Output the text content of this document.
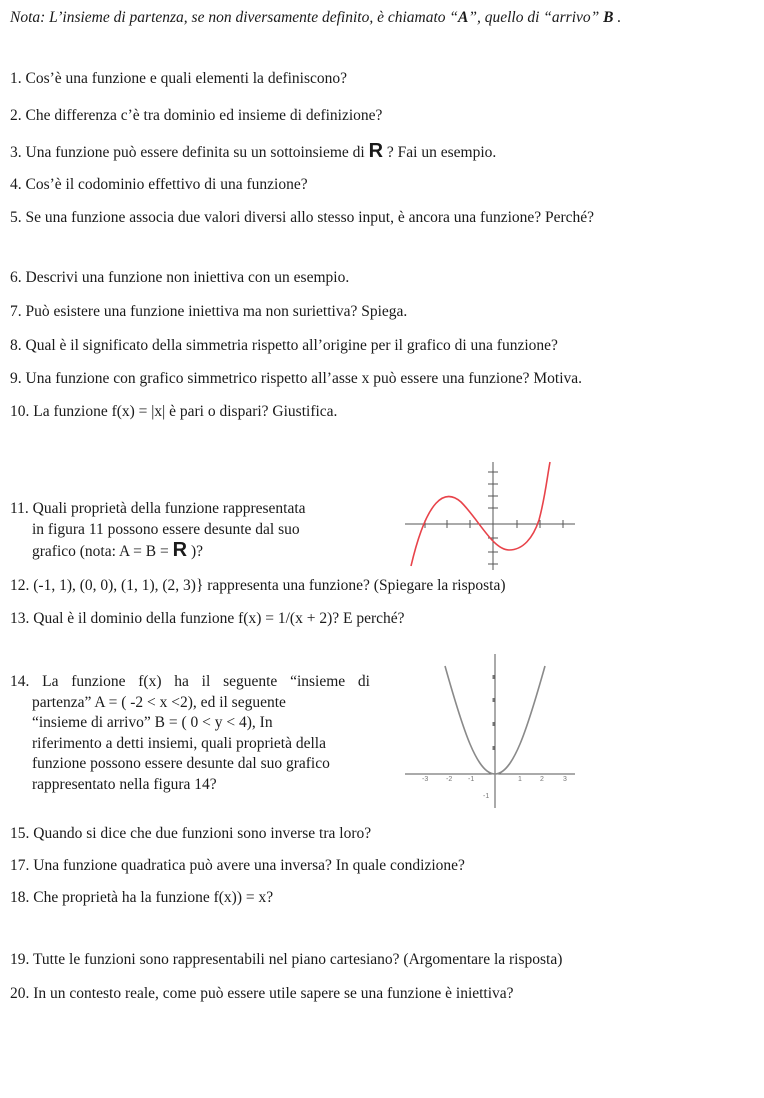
Nota: L’insieme di partenza, se non diversamente definito, è chiamato “A”, quello di “arrivo” B .
1. Cos’è una funzione e quali elementi la definiscono?
2. Che differenza c’è tra dominio ed insieme di definizione?
3. Una funzione può essere definita su un sottoinsieme di R ? Fai un esempio.
4. Cos’è il codominio effettivo di una funzione?
5. Se una funzione associa due valori diversi allo stesso input, è ancora una funzione? Perché?
6. Descrivi una funzione non iniettiva con un esempio.
7. Può esistere una funzione iniettiva ma non suriettiva? Spiega.
8. Qual è il significato della simmetria rispetto all’origine per il grafico di una funzione?
9. Una funzione con grafico simmetrico rispetto all’asse x può essere una funzione? Motiva.
10. La funzione f(x) = |x| è pari o dispari? Giustifica.
11. Quali proprietà della funzione rappresentata
in figura 11 possono essere desunte dal suo
grafico (nota: A = B = R )?
12. (-1, 1), (0, 0), (1, 1), (2, 3)} rappresenta una funzione? (Spiegare la risposta)
13. Qual è il dominio della funzione f(x) = 1/(x + 2)? E perché?
14. La funzione f(x) ha il seguente “insieme di
partenza” A = ( -2 < x <2), ed il seguente
“insieme di arrivo” B = ( 0 < y < 4), In
riferimento a detti insiemi, quali proprietà della
funzione possono essere desunte dal suo grafico
rappresentato nella figura 14?	-3	-2 -1	1	2	3
-1
15. Quando si dice che due funzioni sono inverse tra loro?
17. Una funzione quadratica può avere una inversa? In quale condizione?
18. Che proprietà ha la funzione f(x)) = x?
19. Tutte le funzioni sono rappresentabili nel piano cartesiano? (Argomentare la risposta)
20. In un contesto reale, come può essere utile sapere se una funzione è iniettiva?
